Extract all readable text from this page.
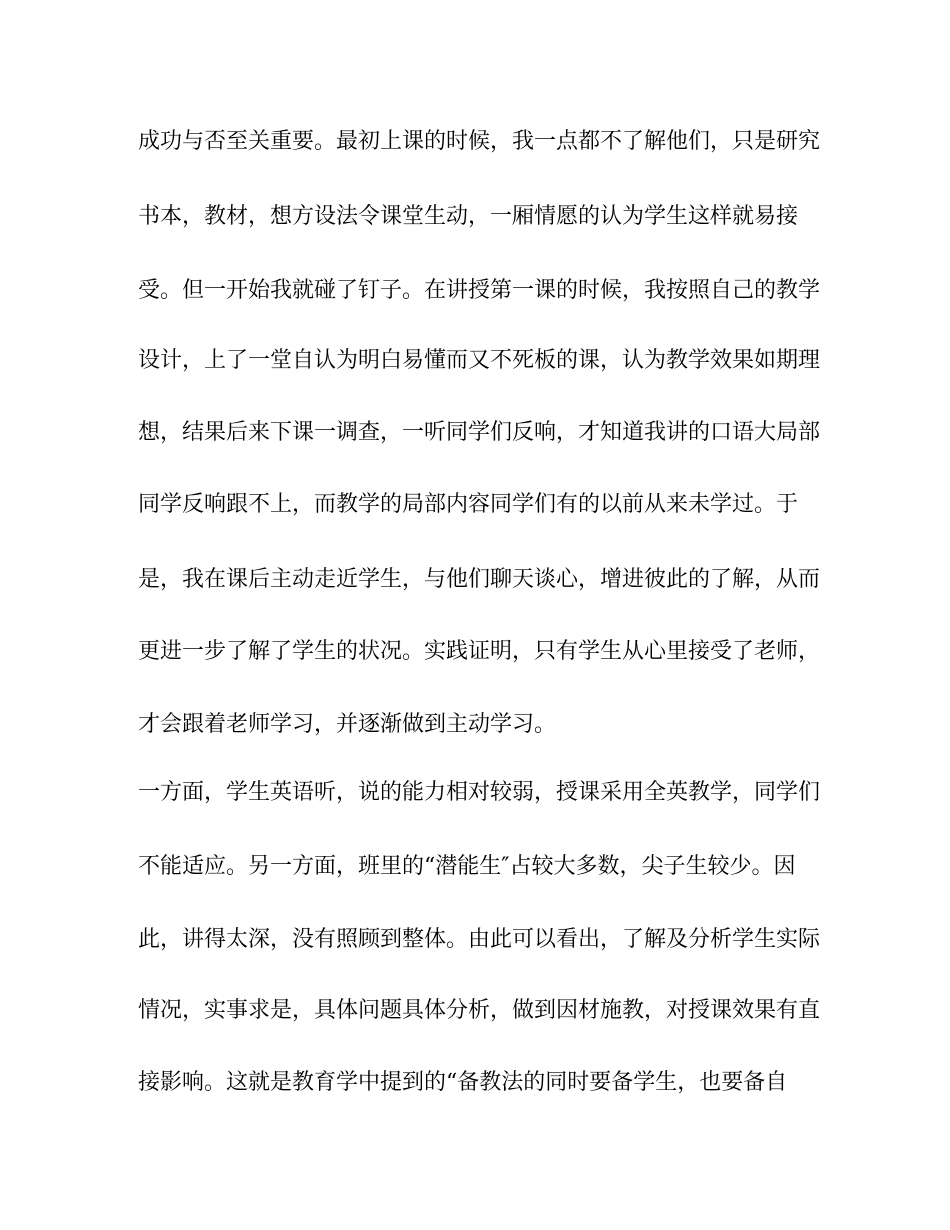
成功与否至关重要。最初上课的时候，我一点都不了解他们，只是研究
书本，教材，想方设法令课堂生动，一厢情愿的认为学生这样就易接
受。但一开始我就碰了钉子。在讲授第一课的时候，我按照自己的教学
设计，上了一堂自认为明白易懂而又不死板的课，认为教学效果如期理
想，结果后来下课一调查，一听同学们反响，才知道我讲的口语大局部
同学反响跟不上，而教学的局部内容同学们有的以前从来未学过。于
是，我在课后主动走近学生，与他们聊天谈心，增进彼此的了解，从而
更进一步了解了学生的状况。实践证明，只有学生从心里接受了老师，
才会跟着老师学习，并逐渐做到主动学习。
一方面，学生英语听，说的能力相对较弱，授课采用全英教学，同学们
不能适应。另一方面，班里的“潜能生″占较大多数，尖子生较少。因
此，讲得太深，没有照顾到整体。由此可以看出，了解及分析学生实际
情况，实事求是，具体问题具体分析，做到因材施教，对授课效果有直
接影响。这就是教育学中提到的“备教法的同时要备学生，也要备自
